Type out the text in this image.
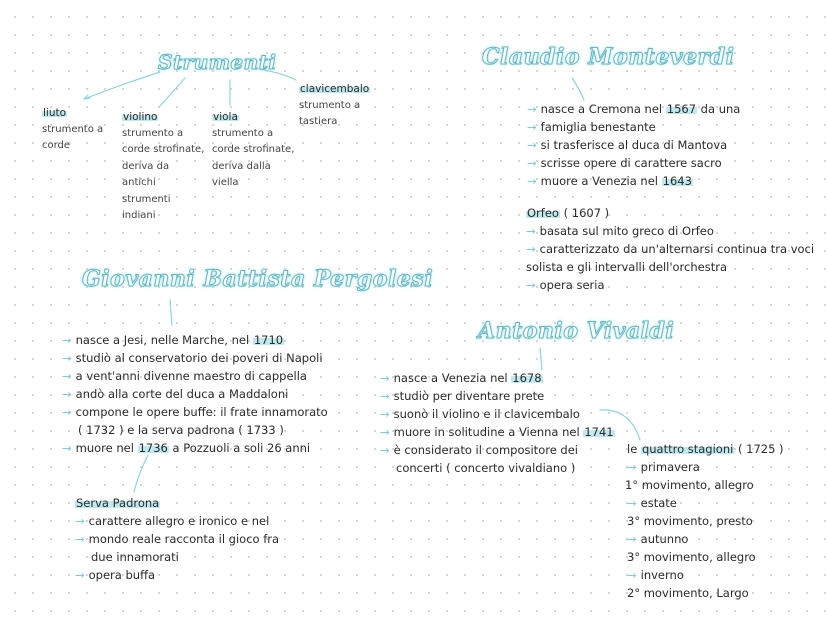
Strumenti
liuto
strumento a
corde
violino
strumento a
corde strofinate,
deriva da
antichi
strumenti
indiani
viola
strumento a
corde strofinate,
deriva dalla
viella
clavicembalo
strumento a
tastiera
Claudio Monteverdi
→ nasce a Cremona nel 1567 da una
→ famiglia benestante
→ si trasferisce al duca di Mantova
→ scrisse opere di carattere sacro
→ muore a Venezia nel 1643
Orfeo ( 1607 )
→ basata sul mito greco di Orfeo
→ caratterizzato da un'alternarsi continua tra voci
solista e gli intervalli dell'orchestra
→ opera seria
Giovanni Battista Pergolesi
→ nasce a Jesi, nelle Marche, nel 1710
→ studiò al conservatorio dei poveri di Napoli
→ a vent'anni divenne maestro di cappella
→ andò alla corte del duca a Maddaloni
→ compone le opere buffe: il frate innamorato
( 1732 ) e la serva padrona ( 1733 )
→ muore nel 1736 a Pozzuoli a soli 26 anni
Serva Padrona
→ carattere allegro e ironico e nel
→ mondo reale racconta il gioco fra
due innamorati
→ opera buffa
Antonio Vivaldi
→ nasce a Venezia nel 1678
→ studiò per diventare prete
→ suonò il violino e il clavicembalo
→ muore in solitudine a Vienna nel 1741
→ è considerato il compositore dei
concerti ( concerto vivaldiano )
le quattro stagioni ( 1725 )
→ primavera
1° movimento, allegro
→ estate
3° movimento, presto
→ autunno
3° movimento, allegro
→ inverno
2° movimento, Largo
